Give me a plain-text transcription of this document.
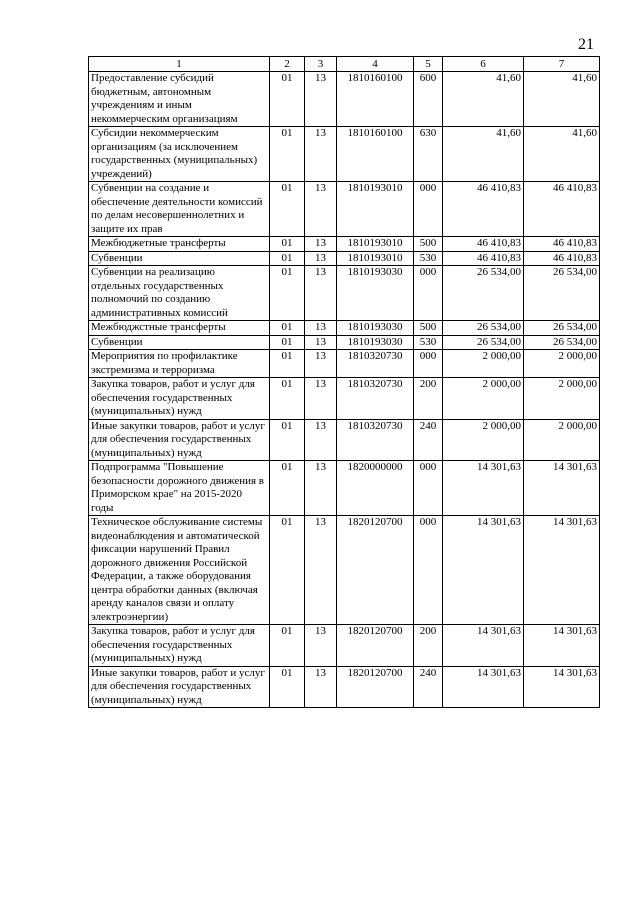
21
1	2	3	4	5	6	7
Предоставление субсидий бюджетным, автономным учреждениям и иным некоммерческим организациям	01	13	1810160100	600	41,60	41,60
Субсидии некоммерческим организациям (за исключением государственных (муниципальных) учреждений)	01	13	1810160100	630	41,60	41,60
Субвенции на создание и обеспечение деятельности комиссий по делам несовершеннолетних и защите их прав	01	13	1810193010	000	46 410,83	46 410,83
Межбюджетные трансферты	01	13	1810193010	500	46 410,83	46 410,83
Субвенции	01	13	1810193010	530	46 410,83	46 410,83
Субвенции на реализацию отдельных государственных полномочий по созданию административных комиссий	01	13	1810193030	000	26 534,00	26 534,00
Межбюджстные трансферты	01	13	1810193030	500	26 534,00	26 534,00
Субвенции	01	13	1810193030	530	26 534,00	26 534,00
Мероприятия по профилактике экстремизма и терроризма	01	13	1810320730	000	2 000,00	2 000,00
Закупка товаров, работ и услуг для обеспечения государственных (муниципальных) нужд	01	13	1810320730	200	2 000,00	2 000,00
Иные закупки товаров, работ и услуг для обеспечения государственных (муниципальных) нужд	01	13	1810320730	240	2 000,00	2 000,00
Подпрограмма "Повышение безопасности дорожного движения в Приморском крае" на 2015-2020 годы	01	13	1820000000	000	14 301,63	14 301,63
Техническое обслуживание системы видеонаблюдения и автоматической фиксации нарушений Правил дорожного движения Российской Федерации, а также оборудования центра обработки данных (включая аренду каналов связи и оплату электроэнергии)	01	13	1820120700	000	14 301,63	14 301,63
Закупка товаров, работ и услуг для обеспечения государственных (муниципальных) нужд	01	13	1820120700	200	14 301,63	14 301,63
Иные закупки товаров, работ и услуг для обеспечения государственных (муниципальных) нужд	01	13	1820120700	240	14 301,63	14 301,63
